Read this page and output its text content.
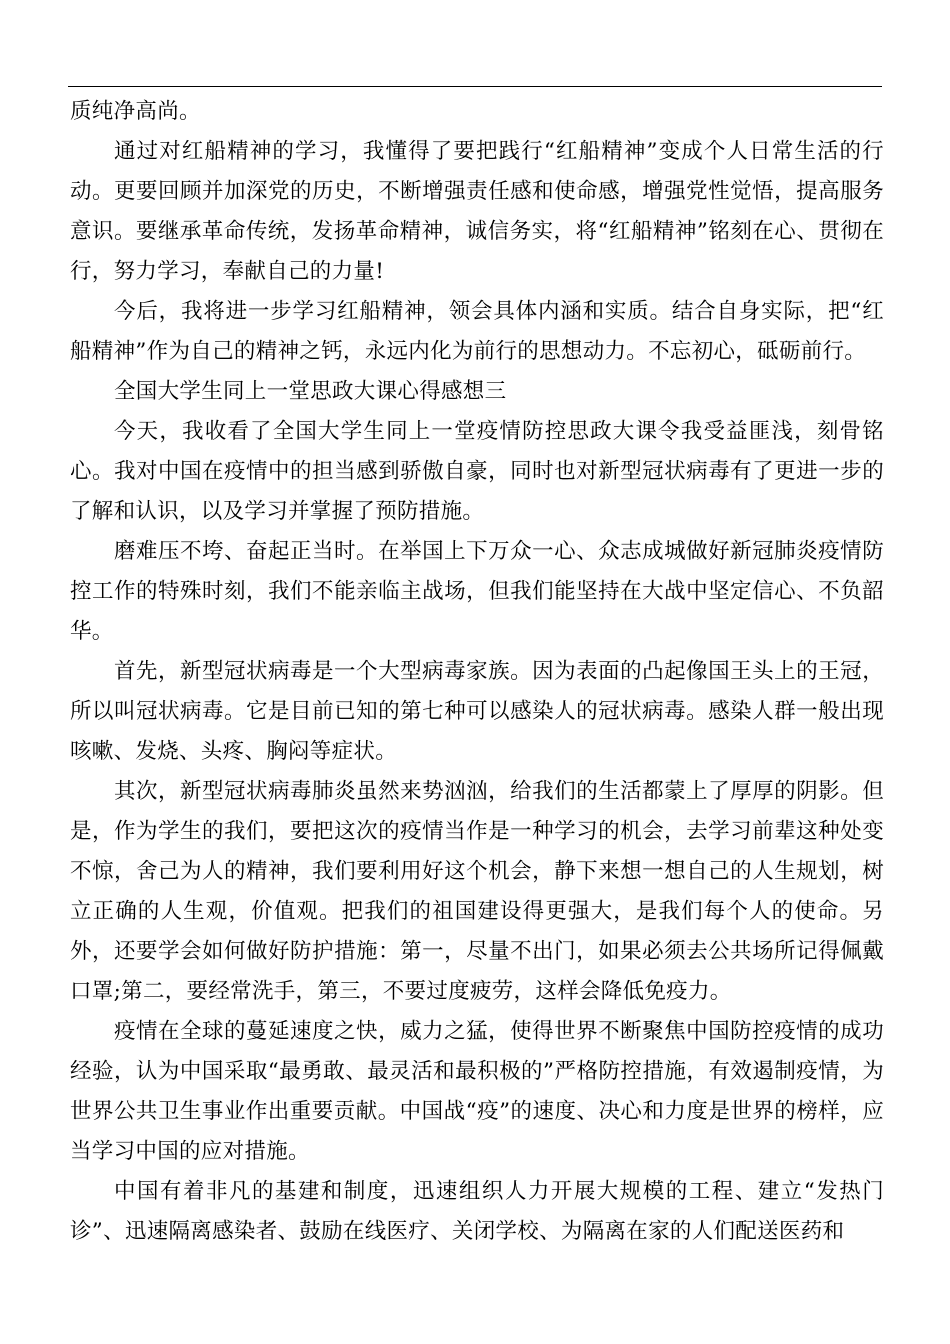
质纯净高尚。

通过对红船精神的学习，我懂得了要把践行“红船精神”变成个人日常生活的行动。更要回顾并加深党的历史，不断增强责任感和使命感，增强党性觉悟，提高服务意识。要继承革命传统，发扬革命精神，诚信务实，将“红船精神”铭刻在心、贯彻在行，努力学习，奉献自己的力量!

今后，我将进一步学习红船精神，领会具体内涵和实质。结合自身实际，把“红船精神”作为自己的精神之钙，永远内化为前行的思想动力。不忘初心，砥砺前行。

全国大学生同上一堂思政大课心得感想三

今天，我收看了全国大学生同上一堂疫情防控思政大课令我受益匪浅，刻骨铭心。我对中国在疫情中的担当感到骄傲自豪，同时也对新型冠状病毒有了更进一步的了解和认识，以及学习并掌握了预防措施。

磨难压不垮、奋起正当时。在举国上下万众一心、众志成城做好新冠肺炎疫情防控工作的特殊时刻，我们不能亲临主战场，但我们能坚持在大战中坚定信心、不负韶华。

首先，新型冠状病毒是一个大型病毒家族。因为表面的凸起像国王头上的王冠，所以叫冠状病毒。它是目前已知的第七种可以感染人的冠状病毒。感染人群一般出现咳嗽、发烧、头疼、胸闷等症状。

其次，新型冠状病毒肺炎虽然来势汹汹，给我们的生活都蒙上了厚厚的阴影。但是，作为学生的我们，要把这次的疫情当作是一种学习的机会，去学习前辈这种处变不惊，舍己为人的精神，我们要利用好这个机会，静下来想一想自己的人生规划，树立正确的人生观，价值观。把我们的祖国建设得更强大，是我们每个人的使命。另外，还要学会如何做好防护措施：第一，尽量不出门，如果必须去公共场所记得佩戴口罩;第二，要经常洗手，第三，不要过度疲劳，这样会降低免疫力。

疫情在全球的蔓延速度之快，威力之猛，使得世界不断聚焦中国防控疫情的成功经验，认为中国采取“最勇敢、最灵活和最积极的”严格防控措施，有效遏制疫情，为世界公共卫生事业作出重要贡献。中国战“疫”的速度、决心和力度是世界的榜样，应当学习中国的应对措施。

中国有着非凡的基建和制度，迅速组织人力开展大规模的工程、建立“发热门诊”、迅速隔离感染者、鼓励在线医疗、关闭学校、为隔离在家的人们配送医药和
